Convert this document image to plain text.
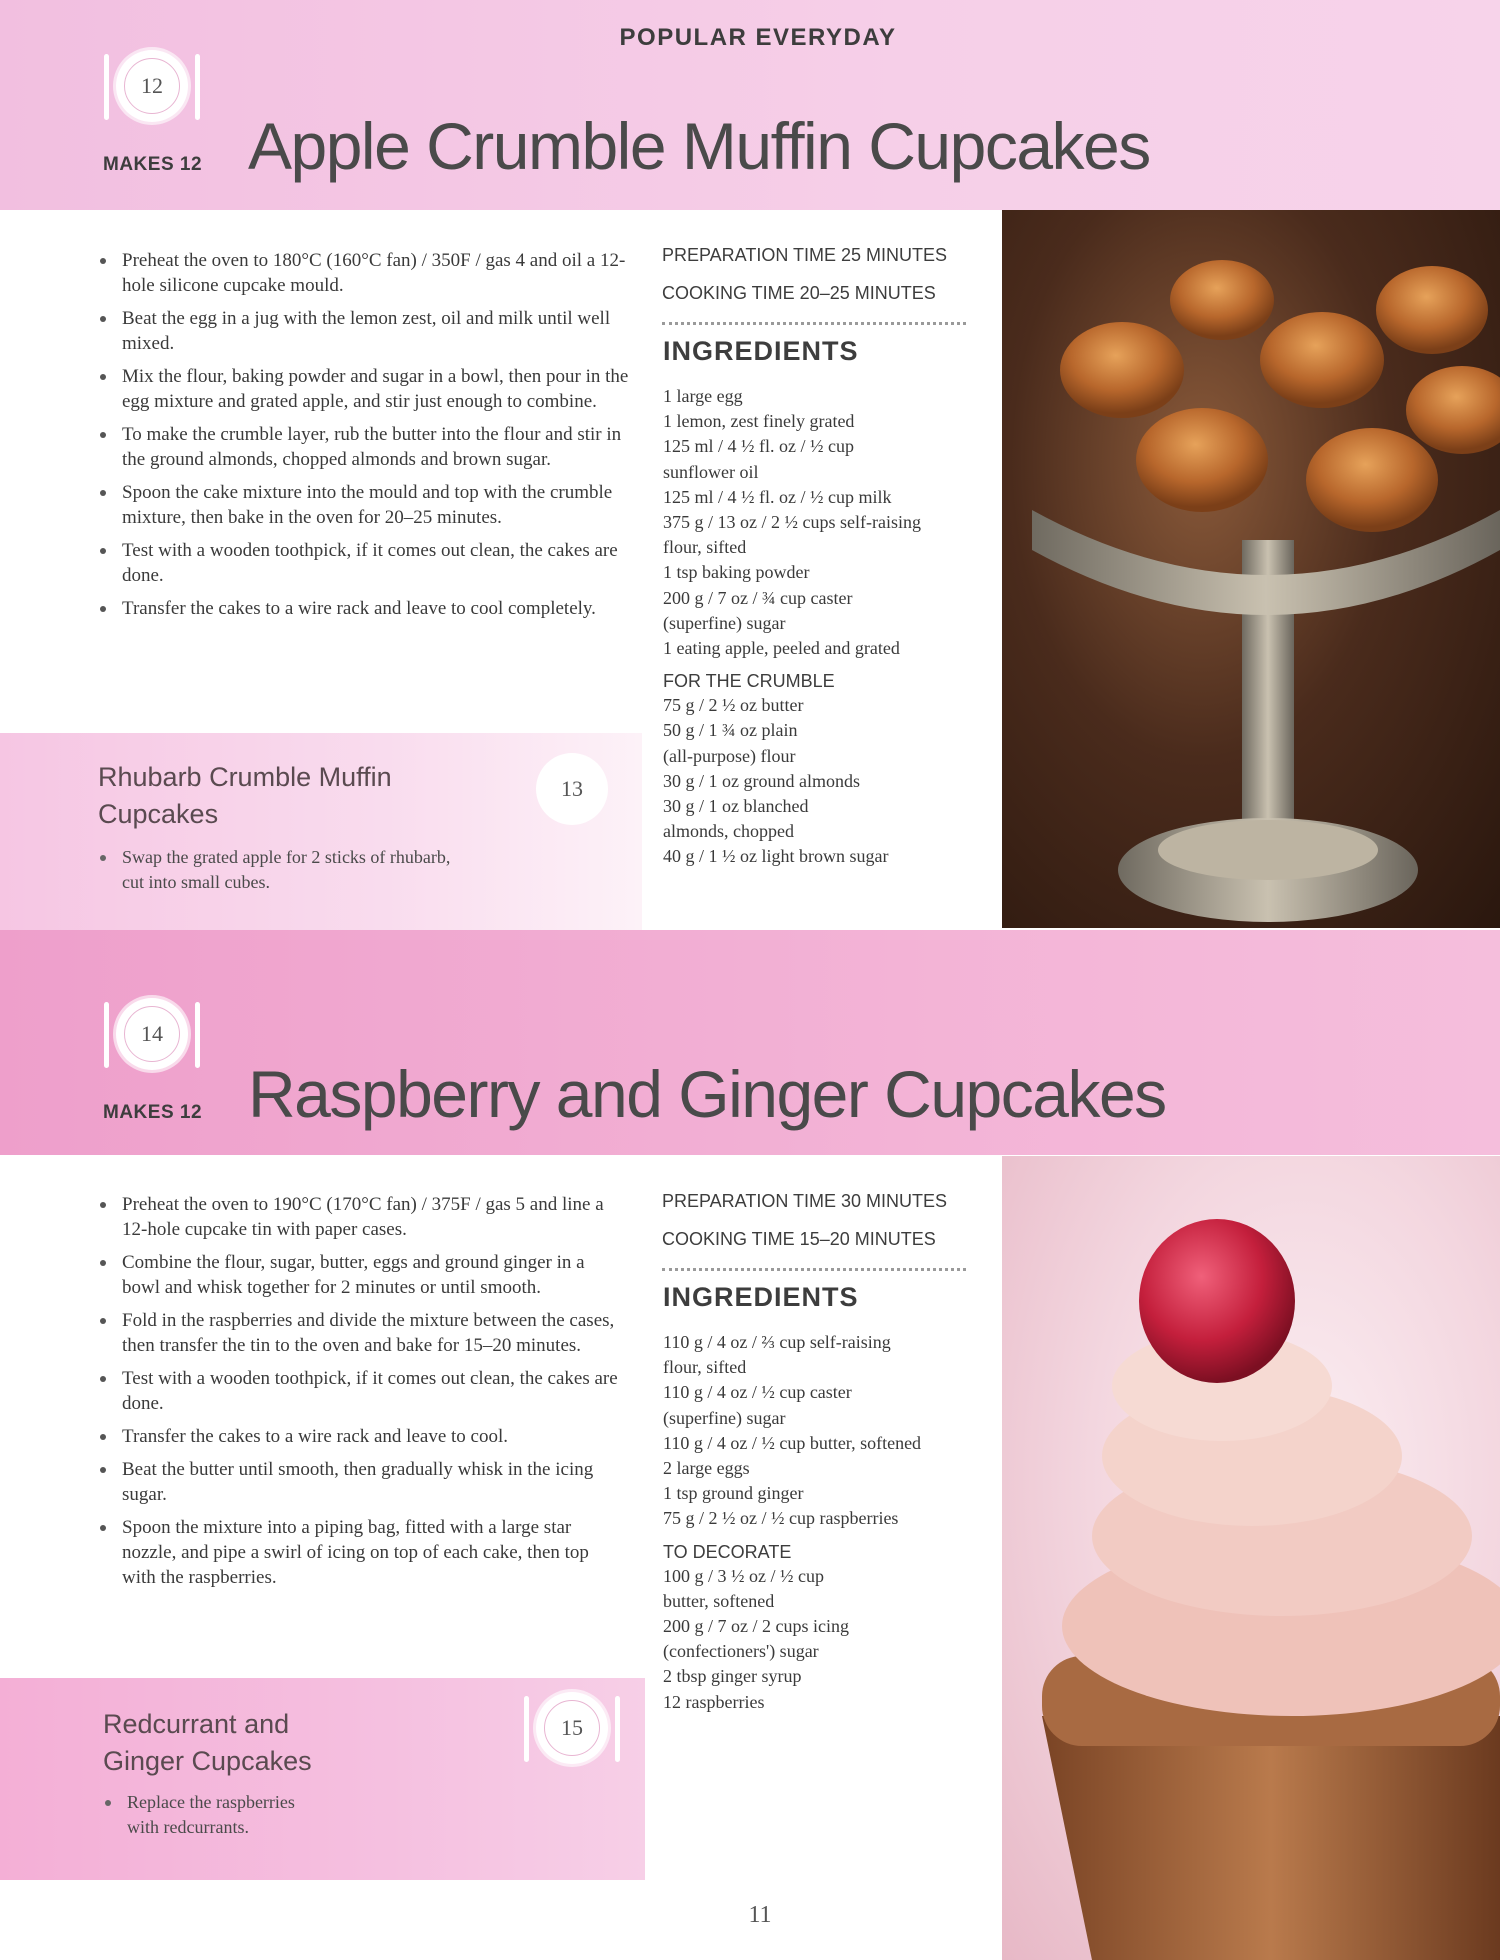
POPULAR EVERYDAY
12
MAKES 12 Apple Crumble Muffin Cupcakes
Preheat the oven to 180°C (160°C fan) / 350F / gas 4 and oil a 12-hole silicone cupcake mould.
Beat the egg in a jug with the lemon zest, oil and milk until well mixed.
Mix the flour, baking powder and sugar in a bowl, then pour in the egg mixture and grated apple, and stir just enough to combine.
To make the crumble layer, rub the butter into the flour and stir in the ground almonds, chopped almonds and brown sugar.
Spoon the cake mixture into the mould and top with the crumble mixture, then bake in the oven for 20–25 minutes.
Test with a wooden toothpick, if it comes out clean, the cakes are done.
Transfer the cakes to a wire rack and leave to cool completely.
PREPARATION TIME 25 MINUTES
COOKING TIME 20–25 MINUTES
INGREDIENTS
1 large egg
1 lemon, zest finely grated
125 ml / 4 ½ fl. oz / ½ cup
sunflower oil
125 ml / 4 ½ fl. oz / ½ cup milk
375 g / 13 oz / 2 ½ cups self-raising
flour, sifted
1 tsp baking powder
200 g / 7 oz / ¾ cup caster
(superfine) sugar
1 eating apple, peeled and grated
FOR THE CRUMBLE
75 g / 2 ½ oz butter
50 g / 1 ¾ oz plain
(all-purpose) flour
30 g / 1 oz ground almonds
30 g / 1 oz blanched
almonds, chopped
40 g / 1 ½ oz light brown sugar
Rhubarb Crumble Muffin
Cupcakes
13
Swap the grated apple for 2 sticks of rhubarb,
cut into small cubes.
14
MAKES 12 Raspberry and Ginger Cupcakes
Preheat the oven to 190°C (170°C fan) / 375F / gas 5 and line a 12-hole cupcake tin with paper cases.
Combine the flour, sugar, butter, eggs and ground ginger in a bowl and whisk together for 2 minutes or until smooth.
Fold in the raspberries and divide the mixture between the cases, then transfer the tin to the oven and bake for 15–20 minutes.
Test with a wooden toothpick, if it comes out clean, the cakes are done.
Transfer the cakes to a wire rack and leave to cool.
Beat the butter until smooth, then gradually whisk in the icing sugar.
Spoon the mixture into a piping bag, fitted with a large star nozzle, and pipe a swirl of icing on top of each cake, then top with the raspberries.
PREPARATION TIME 30 MINUTES
COOKING TIME 15–20 MINUTES
INGREDIENTS
110 g / 4 oz / ⅔ cup self-raising
flour, sifted
110 g / 4 oz / ½ cup caster
(superfine) sugar
110 g / 4 oz / ½ cup butter, softened
2 large eggs
1 tsp ground ginger
75 g / 2 ½ oz / ½ cup raspberries
TO DECORATE
100 g / 3 ½ oz / ½ cup
butter, softened
200 g / 7 oz / 2 cups icing
(confectioners') sugar
2 tbsp ginger syrup
12 raspberries
Redcurrant and
Ginger Cupcakes
15
Replace the raspberries
with redcurrants.
11
